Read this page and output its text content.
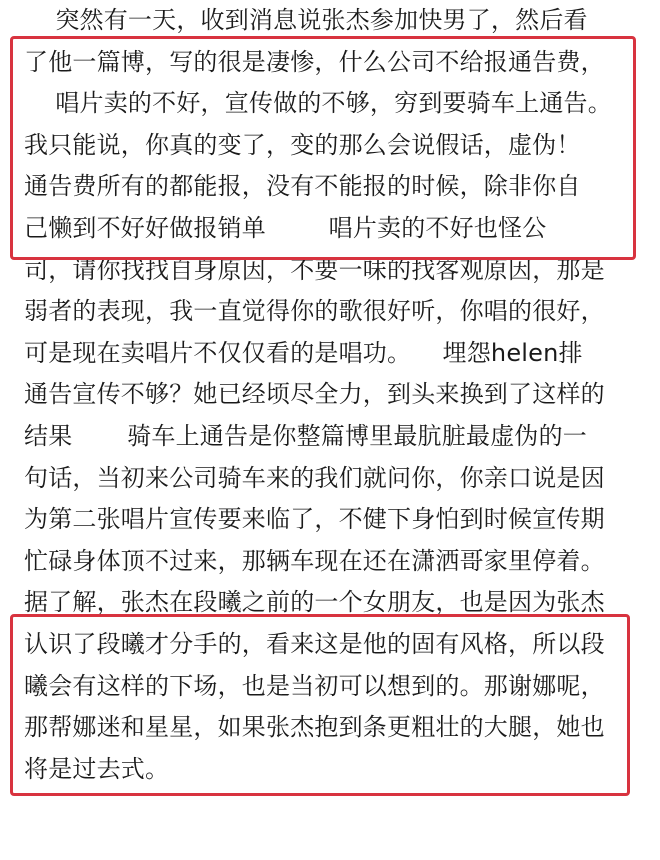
突然有一天，收到消息说张杰参加快男了，然后看
了他一篇博，写的很是凄惨，什么公司不给报通告费，
唱片卖的不好，宣传做的不够，穷到要骑车上通告。
我只能说，你真的变了，变的那么会说假话，虚伪！
通告费所有的都能报，没有不能报的时候，除非你自
己懒到不好好做报销单        唱片卖的不好也怪公
司，请你找找自身原因，不要一味的找客观原因，那是
弱者的表现，我一直觉得你的歌很好听，你唱的很好，
可是现在卖唱片不仅仅看的是唱功。    埋怨helen排
通告宣传不够？她已经顷尽全力，到头来换到了这样的
结果       骑车上通告是你整篇博里最肮脏最虚伪的一
句话，当初来公司骑车来的我们就问你，你亲口说是因
为第二张唱片宣传要来临了，不健下身怕到时候宣传期
忙碌身体顶不过来，那辆车现在还在潇洒哥家里停着。
据了解，张杰在段曦之前的一个女朋友，也是因为张杰
认识了段曦才分手的，看来这是他的固有风格，所以段
曦会有这样的下场，也是当初可以想到的。那谢娜呢，
那帮娜迷和星星，如果张杰抱到条更粗壮的大腿，她也
将是过去式。
